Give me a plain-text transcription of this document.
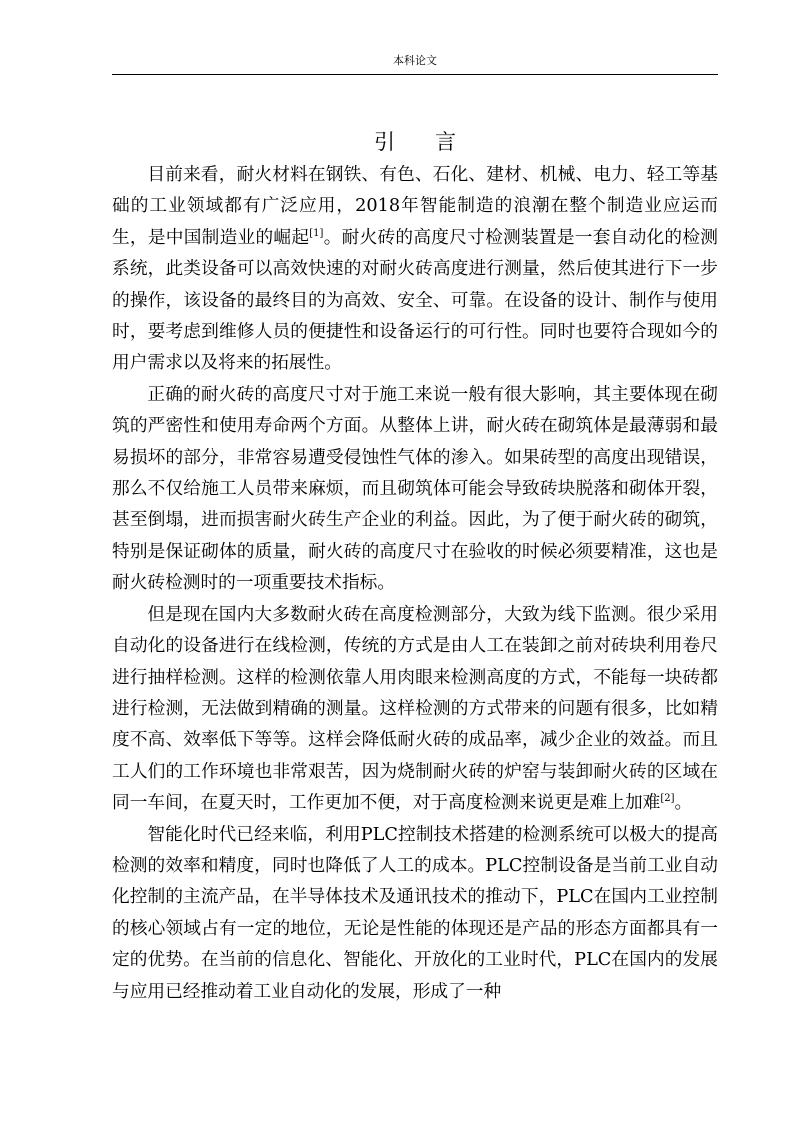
本科论文
引 言

目前来看，耐火材料在钢铁、有色、石化、建材、机械、电力、轻工等基础的工业领域都有广泛应用，2018年智能制造的浪潮在整个制造业应运而生，是中国制造业的崛起[1]。耐火砖的高度尺寸检测装置是一套自动化的检测系统，此类设备可以高效快速的对耐火砖高度进行测量，然后使其进行下一步的操作，该设备的最终目的为高效、安全、可靠。在设备的设计、制作与使用时，要考虑到维修人员的便捷性和设备运行的可行性。同时也要符合现如今的用户需求以及将来的拓展性。

正确的耐火砖的高度尺寸对于施工来说一般有很大影响，其主要体现在砌筑的严密性和使用寿命两个方面。从整体上讲，耐火砖在砌筑体是最薄弱和最易损坏的部分，非常容易遭受侵蚀性气体的渗入。如果砖型的高度出现错误，那么不仅给施工人员带来麻烦，而且砌筑体可能会导致砖块脱落和砌体开裂，甚至倒塌，进而损害耐火砖生产企业的利益。因此，为了便于耐火砖的砌筑，特别是保证砌体的质量，耐火砖的高度尺寸在验收的时候必须要精准，这也是耐火砖检测时的一项重要技术指标。

但是现在国内大多数耐火砖在高度检测部分，大致为线下监测。很少采用自动化的设备进行在线检测，传统的方式是由人工在装卸之前对砖块利用卷尺进行抽样检测。这样的检测依靠人用肉眼来检测高度的方式，不能每一块砖都进行检测，无法做到精确的测量。这样检测的方式带来的问题有很多，比如精度不高、效率低下等等。这样会降低耐火砖的成品率，减少企业的效益。而且工人们的工作环境也非常艰苦，因为烧制耐火砖的炉窑与装卸耐火砖的区域在同一车间，在夏天时，工作更加不便，对于高度检测来说更是难上加难[2]。

智能化时代已经来临，利用PLC控制技术搭建的检测系统可以极大的提高检测的效率和精度，同时也降低了人工的成本。PLC控制设备是当前工业自动化控制的主流产品，在半导体技术及通讯技术的推动下，PLC在国内工业控制的核心领域占有一定的地位，无论是性能的体现还是产品的形态方面都具有一定的优势。在当前的信息化、智能化、开放化的工业时代，PLC在国内的发展与应用已经推动着工业自动化的发展，形成了一种
